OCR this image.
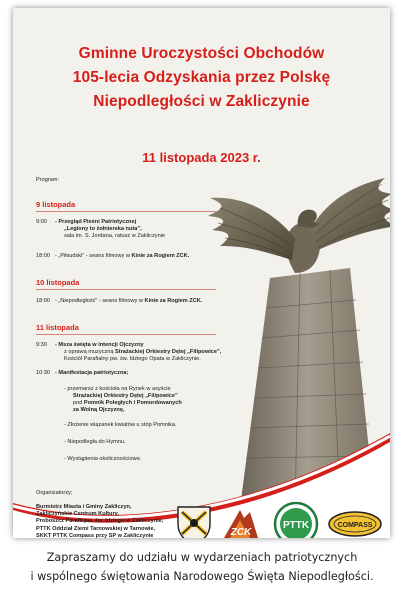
Gminne Uroczystości Obchodów
105-lecia Odzyskania przez Polskę
Niepodległości w Zakliczynie
11 listopada 2023 r.
Program:
9 listopada
9:00 - Przegląd Pieśni Patriotycznej
„Legiony to żołnierska nuta”,
sala im. S. Jordana, ratusz w Zakliczynie
18:00 - „Piłsudski” - seans filmowy w Kinie za Rogiem ZCK.
10 listopada
18:00 - „Niepodległość” - seans filmowy w Kinie za Rogiem ZCK.
11 listopada
9:30 - Msza święta w intencji Ojczyzny
z oprawą muzyczną Strażackiej Orkiestry Dętej „Filipowice”,
Kościół Parafialny pw. św. Idziego Opata w Zakliczynie.
10:30 - Manifestacja patriotyczna;
- przemarsz z kościoła na Rynek w asyście
Strażackiej Orkiestry Dętej „Filipowice”
pod Pomnik Poległych i Pomordowanych
za Wolną Ojczyznę,
- Złożenie wiązanek kwiatów u stóp Pomnika.
- Niepodległa do Hymnu.
- Wystąpienia okolicznościowe.
Organizatorzy;
Burmistrz Miasta i Gminy Zakliczyn,
Zakliczyńskie Centrum Kultury,
Proboszcz Parafii pw. św. Idziego w Zakliczynie,
PTTK Oddział Ziemi Tarnowskiej w Tarnowie,
SKKT PTTK Compass przy SP w Zakliczynie	ZCK
PTTK	COMPASS
Zapraszamy do udziału w wydarzeniach patriotycznych
i wspólnego świętowania Narodowego Święta Niepodległości.
